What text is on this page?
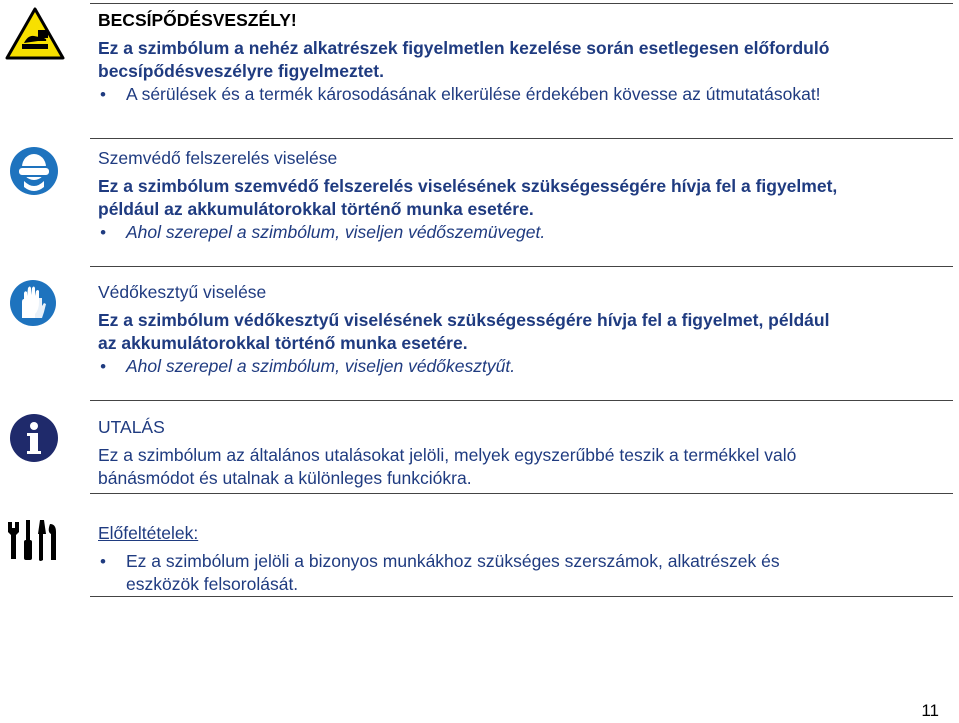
BECSÍPŐDÉSVESZÉLY!
Ez a szimbólum a nehéz alkatrészek figyelmetlen kezelése során esetlegesen előforduló
becsípődésveszélyre figyelmeztet.
• A sérülések és a termék károsodásának elkerülése érdekében kövesse az útmutatásokat!
Szemvédő felszerelés viselése
Ez a szimbólum szemvédő felszerelés viselésének szükségességére hívja fel a figyelmet,
például az akkumulátorokkal történő munka esetére.
• Ahol szerepel a szimbólum, viseljen védőszemüveget.
Védőkesztyű viselése
Ez a szimbólum védőkesztyű viselésének szükségességére hívja fel a figyelmet, például
az akkumulátorokkal történő munka esetére.
• Ahol szerepel a szimbólum, viseljen védőkesztyűt.
UTALÁS
Ez a szimbólum az általános utalásokat jelöli, melyek egyszerűbbé teszik a termékkel való
bánásmódot és utalnak a különleges funkciókra.
Előfeltételek:
• Ez a szimbólum jelöli a bizonyos munkákhoz szükséges szerszámok, alkatrészek és
eszközök felsorolását.
11
